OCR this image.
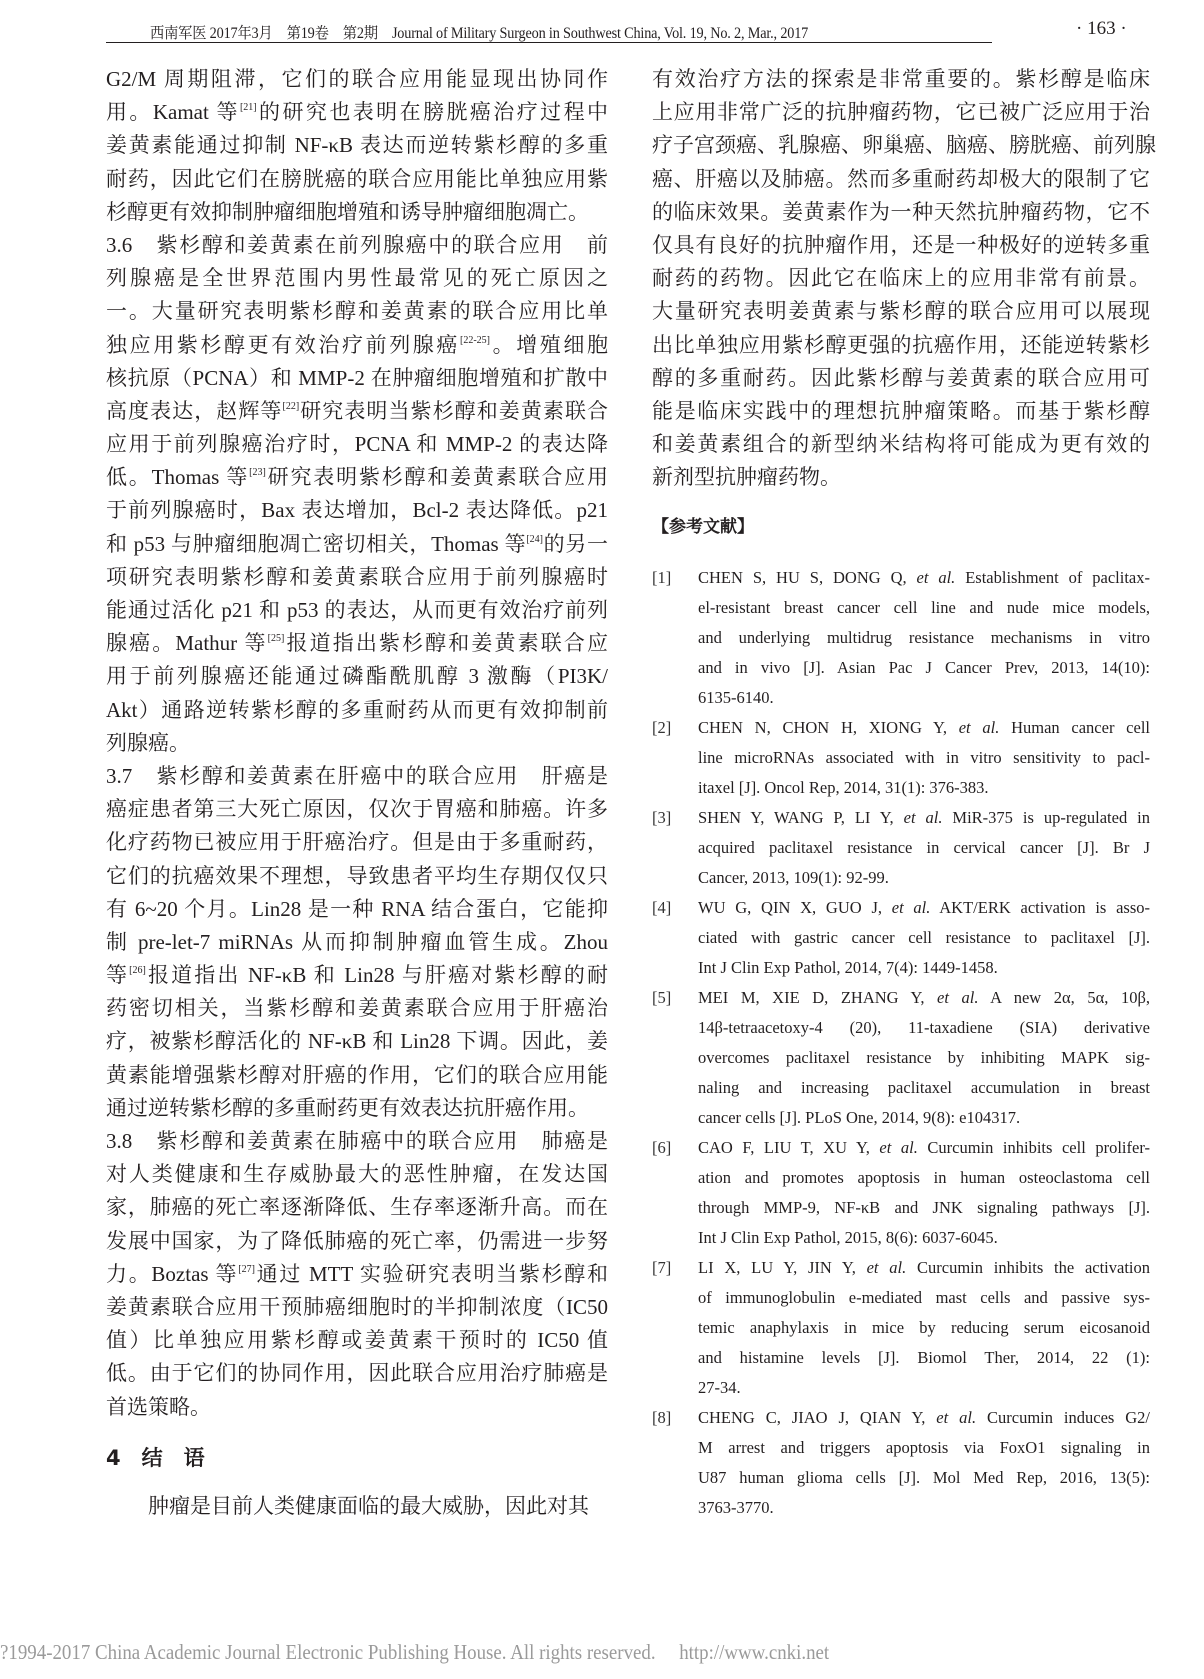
西南军医 2017年3月　第19卷　第2期　Journal of Military Surgeon in Southwest China, Vol. 19, No. 2, Mar., 2017	· 163 ·
G2/M 周期阻滞，它们的联合应用能显现出协同作
用。Kamat 等[21]的研究也表明在膀胱癌治疗过程中
姜黄素能通过抑制 NF-κB 表达而逆转紫杉醇的多重
耐药，因此它们在膀胱癌的联合应用能比单独应用紫
杉醇更有效抑制肿瘤细胞增殖和诱导肿瘤细胞凋亡。
3.6　紫杉醇和姜黄素在前列腺癌中的联合应用　前
列腺癌是全世界范围内男性最常见的死亡原因之
一。大量研究表明紫杉醇和姜黄素的联合应用比单
独应用紫杉醇更有效治疗前列腺癌[22-25]。增殖细胞
核抗原（PCNA）和 MMP-2 在肿瘤细胞增殖和扩散中
高度表达，赵辉等[22]研究表明当紫杉醇和姜黄素联合
应用于前列腺癌治疗时，PCNA 和 MMP-2 的表达降
低。Thomas 等[23]研究表明紫杉醇和姜黄素联合应用
于前列腺癌时，Bax 表达增加，Bcl-2 表达降低。p21
和 p53 与肿瘤细胞凋亡密切相关，Thomas 等[24]的另一
项研究表明紫杉醇和姜黄素联合应用于前列腺癌时
能通过活化 p21 和 p53 的表达，从而更有效治疗前列
腺癌。Mathur 等[25]报道指出紫杉醇和姜黄素联合应
用于前列腺癌还能通过磷酯酰肌醇 3 激酶（PI3K/
Akt）通路逆转紫杉醇的多重耐药从而更有效抑制前
列腺癌。
3.7　紫杉醇和姜黄素在肝癌中的联合应用　肝癌是
癌症患者第三大死亡原因，仅次于胃癌和肺癌。许多
化疗药物已被应用于肝癌治疗。但是由于多重耐药，
它们的抗癌效果不理想，导致患者平均生存期仅仅只
有 6~20 个月。Lin28 是一种 RNA 结合蛋白，它能抑
制 pre-let-7 miRNAs 从而抑制肿瘤血管生成。Zhou
等[26]报道指出 NF-κB 和 Lin28 与肝癌对紫杉醇的耐
药密切相关，当紫杉醇和姜黄素联合应用于肝癌治
疗，被紫杉醇活化的 NF-κB 和 Lin28 下调。因此，姜
黄素能增强紫杉醇对肝癌的作用，它们的联合应用能
通过逆转紫杉醇的多重耐药更有效表达抗肝癌作用。
3.8　紫杉醇和姜黄素在肺癌中的联合应用　肺癌是
对人类健康和生存威胁最大的恶性肿瘤，在发达国
家，肺癌的死亡率逐渐降低、生存率逐渐升高。而在
发展中国家，为了降低肺癌的死亡率，仍需进一步努
力。Boztas 等[27]通过 MTT 实验研究表明当紫杉醇和
姜黄素联合应用干预肺癌细胞时的半抑制浓度（IC50
值）比单独应用紫杉醇或姜黄素干预时的 IC50 值
低。由于它们的协同作用，因此联合应用治疗肺癌是
首选策略。
4　结　语
肿瘤是目前人类健康面临的最大威胁，因此对其
有效治疗方法的探索是非常重要的。紫杉醇是临床
上应用非常广泛的抗肿瘤药物，它已被广泛应用于治
疗子宫颈癌、乳腺癌、卵巢癌、脑癌、膀胱癌、前列腺
癌、肝癌以及肺癌。然而多重耐药却极大的限制了它
的临床效果。姜黄素作为一种天然抗肿瘤药物，它不
仅具有良好的抗肿瘤作用，还是一种极好的逆转多重
耐药的药物。因此它在临床上的应用非常有前景。
大量研究表明姜黄素与紫杉醇的联合应用可以展现
出比单独应用紫杉醇更强的抗癌作用，还能逆转紫杉
醇的多重耐药。因此紫杉醇与姜黄素的联合应用可
能是临床实践中的理想抗肿瘤策略。而基于紫杉醇
和姜黄素组合的新型纳米结构将可能成为更有效的
新剂型抗肿瘤药物。
【参考文献】
[1]	CHEN S, HU S, DONG Q, et al. Establishment of paclitax-
el-resistant breast cancer cell line and nude mice models,
and underlying multidrug resistance mechanisms in vitro
and in vivo [J]. Asian Pac J Cancer Prev, 2013, 14(10):
6135-6140.
[2]	CHEN N, CHON H, XIONG Y, et al. Human cancer cell
line microRNAs associated with in vitro sensitivity to pacl-
itaxel [J]. Oncol Rep, 2014, 31(1): 376-383.
[3]	SHEN Y, WANG P, LI Y, et al. MiR-375 is up-regulated in
acquired paclitaxel resistance in cervical cancer [J]. Br J
Cancer, 2013, 109(1): 92-99.
[4]	WU G, QIN X, GUO J, et al. AKT/ERK activation is asso-
ciated with gastric cancer cell resistance to paclitaxel [J].
Int J Clin Exp Pathol, 2014, 7(4): 1449-1458.
[5]	MEI M, XIE D, ZHANG Y, et al. A new 2α, 5α, 10β,
14β-tetraacetoxy-4 (20), 11-taxadiene (SIA) derivative
overcomes paclitaxel resistance by inhibiting MAPK sig-
naling and increasing paclitaxel accumulation in breast
cancer cells [J]. PLoS One, 2014, 9(8): e104317.
[6]	CAO F, LIU T, XU Y, et al. Curcumin inhibits cell prolifer-
ation and promotes apoptosis in human osteoclastoma cell
through MMP-9, NF-κB and JNK signaling pathways [J].
Int J Clin Exp Pathol, 2015, 8(6): 6037-6045.
[7]	LI X, LU Y, JIN Y, et al. Curcumin inhibits the activation
of immunoglobulin e-mediated mast cells and passive sys-
temic anaphylaxis in mice by reducing serum eicosanoid
and histamine levels [J]. Biomol Ther, 2014, 22 (1):
27-34.
[8]	CHENG C, JIAO J, QIAN Y, et al. Curcumin induces G2/
M arrest and triggers apoptosis via FoxO1 signaling in
U87 human glioma cells [J]. Mol Med Rep, 2016, 13(5):
3763-3770.
?1994-2017 China Academic Journal Electronic Publishing House. All rights reserved.　 http://www.cnki.net
